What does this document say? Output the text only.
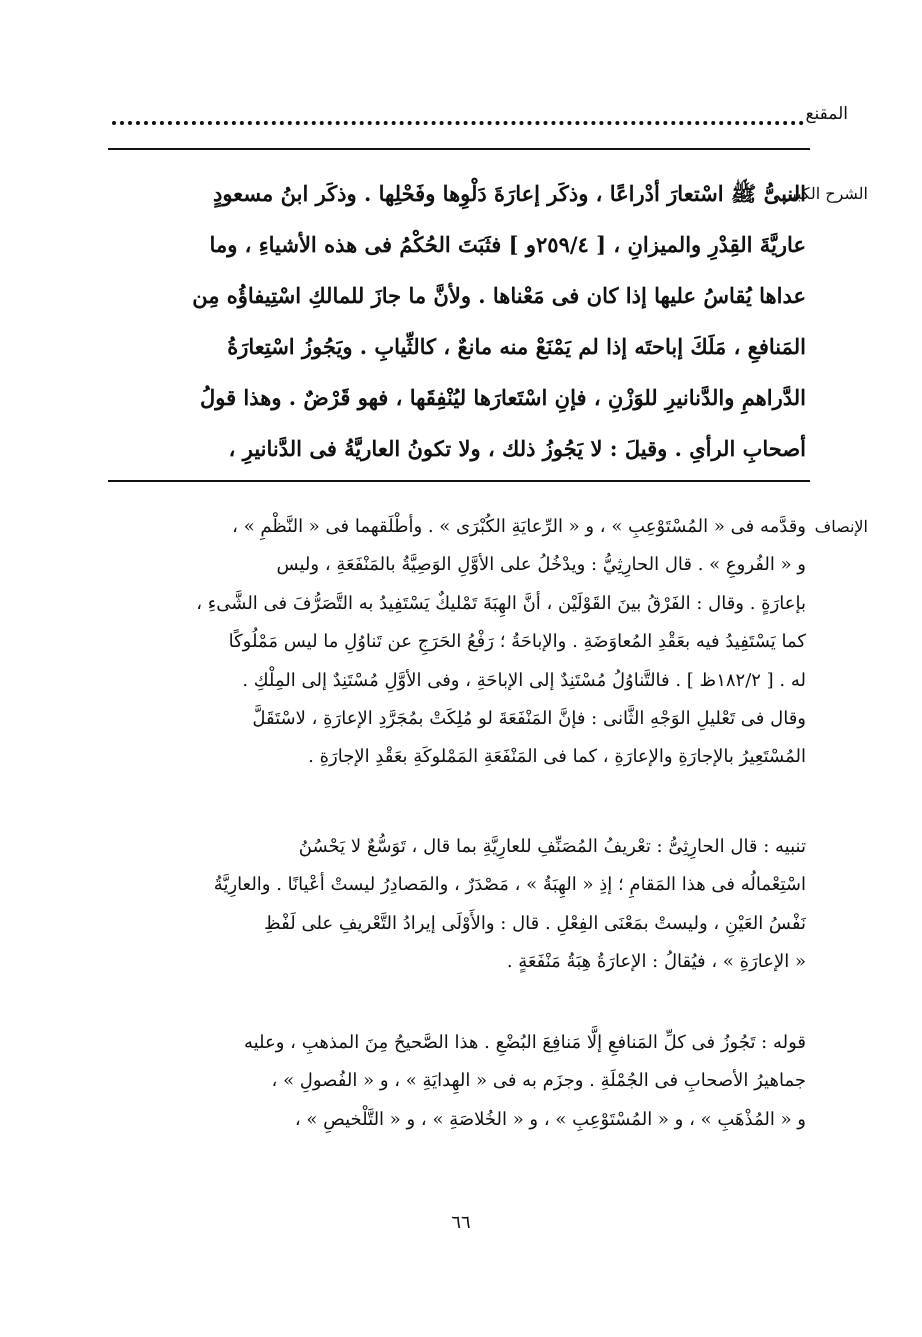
المقنع
الشرح الكبير
النبىُّ ﷺ اسْتعارَ أدْراعًا ، وذكَر إعارَةَ دَلْوِها وفَحْلِها . وذكَر ابنُ مسعودٍ
عاريَّةَ القِدْرِ والميزانِ ، [ ٢٥٩/٤و ] فثَبَتَ الحُكْمُ فى هذه الأشياءِ ، وما
عداها يُقاسُ عليها إذا كان فى مَعْناها . ولأنَّ ما جازَ للمالكِ اسْتِيفاؤُه مِن
المَنافعِ ، مَلَكَ إباحتَه إذا لم يَمْنَعْ منه مانعٌ ، كالثِّيابِ . ويَجُوزُ اسْتِعارَةُ
الدَّراهمِ والدَّنانيرِ للوَزْنِ ، فإنِ اسْتَعارَها ليُنْفِقَها ، فهو قَرْضٌ . وهذا قولُ
أصحابِ الرأىِ . وقيلَ : لا يَجُوزُ ذلك ، ولا تكونُ العاريَّةُ فى الدَّنانيرِ ،
الإنصاف
وقدَّمه فى « المُسْتَوْعِبِ » ، و « الرِّعايَةِ الكُبْرَى » . وأطْلَقهما فى « النَّظْمِ » ،
و « الفُروعِ » . قال الحارِثِيُّ : ويدْخُلُ على الأوَّلِ الوَصِيَّةُ بالمَنْفَعَةِ ، وليس
بإعارَةٍ . وقال : الفَرْقُ بينَ القَوْلَيْن ، أنَّ الهِبَةَ تَمْليكٌ يَسْتَفِيدُ به التَّصَرُّفَ فى الشَّىءِ ،
كما يَسْتَفِيدُ فيه بعَقْدِ المُعاوَضَةِ . والإباحَةُ ؛ رَفْعُ الحَرَجِ عن تَناوُلِ ما ليس مَمْلُوكًا
له . [ ١٨٢/٢ظ ] . فالتَّناوُلُ مُسْتَنِدٌ إلى الإباحَةِ ، وفى الأوَّلِ مُسْتَنِدٌ إلى المِلْكِ .
وقال فى تَعْليلِ الوَجْهِ الثَّانى : فإنَّ المَنْفَعَةَ لو مُلِكَتْ بمُجَرَّدِ الإعارَةِ ، لاسْتَقَلَّ
المُسْتَعِيرُ بالإجارَةِ والإعارَةِ ، كما فى المَنْفَعَةِ المَمْلوكَةِ بعَقْدِ الإجارَةِ .
تنبيه : قال الحارِثِىُّ : تعْريفُ المُصَنِّفِ للعارِيَّةِ بما قال ، تَوَسُّعٌ لا يَحْسُنُ
اسْتِعْمالُه فى هذا المَقامِ ؛ إذِ « الهِبَةُ » ، مَصْدَرٌ ، والمَصادِرُ ليستْ أعْيانًا . والعارِيَّةُ
نَفْسُ العَيْنِ ، وليستْ بمَعْنَى الفِعْلِ . قال : والأَوْلَى إيرادُ التَّعْريفِ على لَفْظِ
« الإعارَةِ » ، فيُقالُ : الإعارَةُ هِبَةُ مَنْفَعَةٍ .
قوله : تَجُوزُ فى كلِّ المَنافعِ إلَّا مَنافِعَ البُضْعِ . هذا الصَّحيحُ مِنَ المذهبِ ، وعليه
جماهيرُ الأصحابِ فى الجُمْلَةِ . وجزَم به فى « الهِدايَةِ » ، و « الفُصولِ » ،
و « المُذْهَبِ » ، و « المُسْتَوْعِبِ » ، و « الخُلاصَةِ » ، و « التَّلْخيصِ » ،
٦٦
